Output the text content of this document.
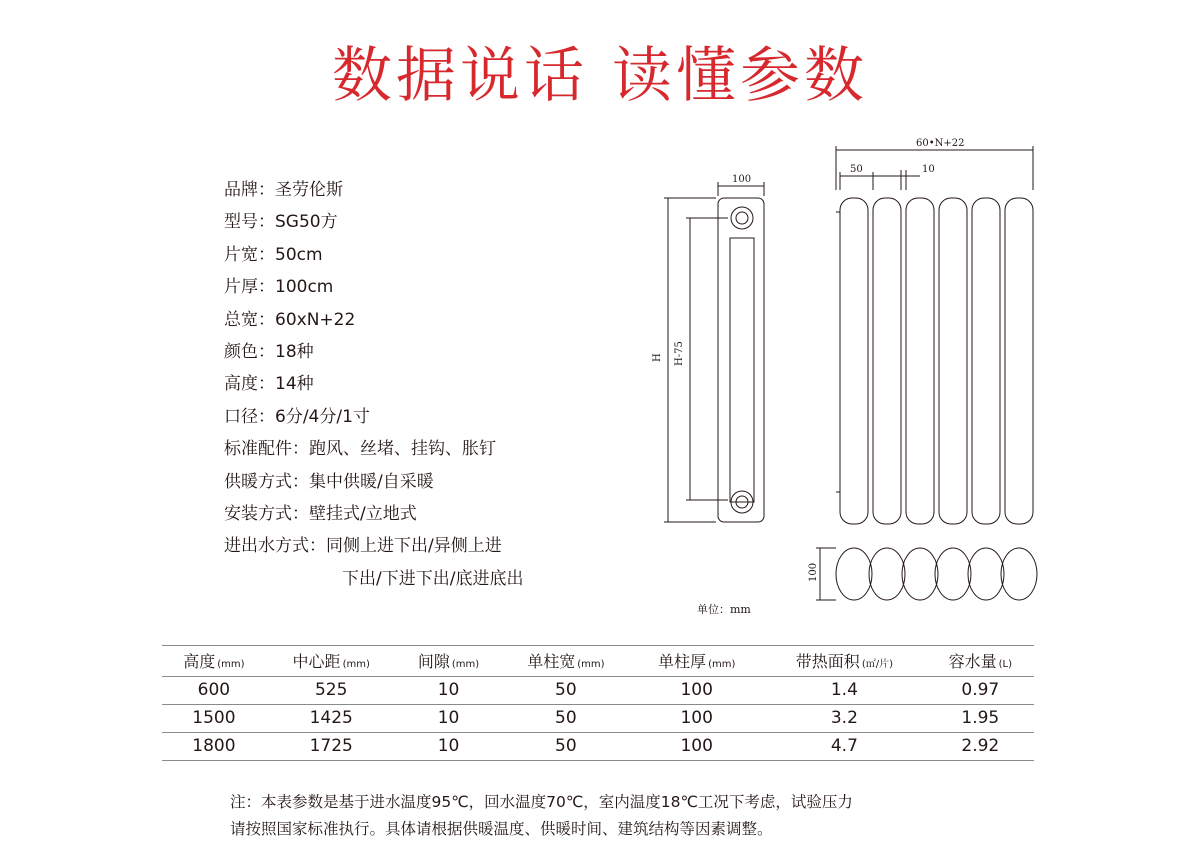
数据说话 读懂参数
品牌：圣劳伦斯
型号：SG50方
片宽：50cm
片厚：100cm
总宽：60xN+22
颜色：18种
高度：14种
口径：6分/4分/1寸
标准配件：跑风、丝堵、挂钩、胀钉
供暖方式：集中供暖/自采暖
安装方式：壁挂式/立地式
进出水方式：同侧上进下出/异侧上进
下出/下进下出/底进底出
100
H H-75
60•N+22
50	10
100
单位：mm
高度 (mm)	中心距 (mm)	间隙 (mm)	单柱宽 (mm)	单柱厚 (mm)	带热面积 (㎡/片)	容水量 (L)
600	525	10	50	100	1.4	0.97
1500	1425	10	50	100	3.2	1.95
1800	1725	10	50	100	4.7	2.92
注：本表参数是基于进水温度95℃，回水温度70℃，室内温度18℃工况下考虑，试验压力
请按照国家标准执行。具体请根据供暖温度、供暖时间、建筑结构等因素调整。
